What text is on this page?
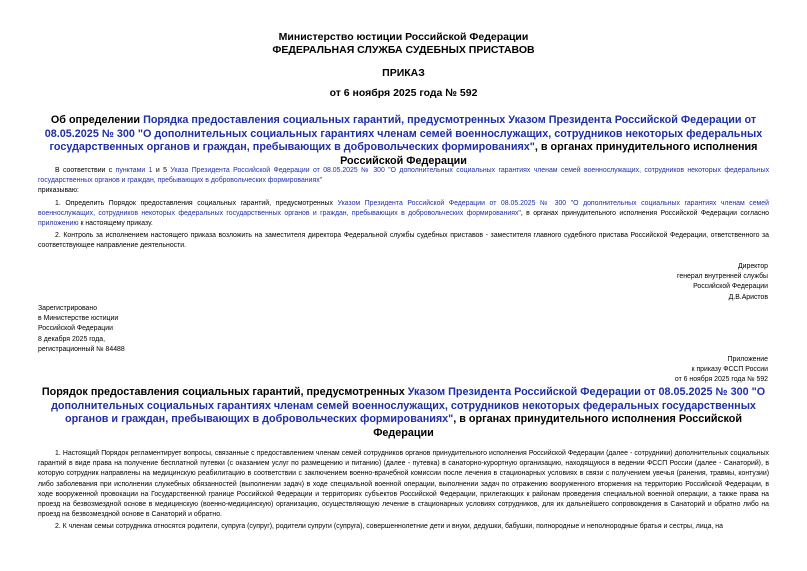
Министерство юстиции Российской Федерации
ФЕДЕРАЛЬНАЯ СЛУЖБА СУДЕБНЫХ ПРИСТАВОВ
ПРИКАЗ
от 6 ноября 2025 года № 592
Об определении Порядка предоставления социальных гарантий, предусмотренных Указом Президента Российской Федерации от 08.05.2025 № 300 "О дополнительных социальных гарантиях членам семей военнослужащих, сотрудников некоторых федеральных государственных органов и граждан, пребывающих в добровольческих формированиях", в органах принудительного исполнения Российской Федерации

В соответствии с пунктами 1 и 5 Указа Президента Российской Федерации от 08.05.2025 № 300 "О дополнительных социальных гарантиях членам семей военнослужащих, сотрудников некоторых федеральных государственных органов и граждан, пребывающих в добровольческих формированиях"

приказываю:

1. Определить Порядок предоставления социальных гарантий, предусмотренных Указом Президента Российской Федерации от 08.05.2025 № 300 "О дополнительных социальных гарантиях членам семей военнослужащих, сотрудников некоторых федеральных государственных органов и граждан, пребывающих в добровольческих формированиях", в органах принудительного исполнения Российской Федерации согласно приложению к настоящему приказу.

2. Контроль за исполнением настоящего приказа возложить на заместителя директора Федеральной службы судебных приставов - заместителя главного судебного пристава Российской Федерации, ответственного за соответствующее направление деятельности.

Директор
генерал внутренней службы
Российской Федерации
Д.В.Аристов
Зарегистрировано
в Министерстве юстиции
Российской Федерации
8 декабря 2025 года,
регистрационный № 84488
Приложение
к приказу ФССП России
от 6 ноября 2025 года № 592
Порядок предоставления социальных гарантий, предусмотренных Указом Президента Российской Федерации от 08.05.2025 № 300 "О дополнительных социальных гарантиях членам семей военнослужащих, сотрудников некоторых федеральных государственных органов и граждан, пребывающих в добровольческих формированиях", в органах принудительного исполнения Российской Федерации

1. Настоящий Порядок регламентирует вопросы, связанные с предоставлением членам семей сотрудников органов принудительного исполнения Российской Федерации (далее - сотрудники) дополнительных социальных гарантий в виде права на получение бесплатной путевки (с оказанием услуг по размещению и питанию) (далее - путевка) в санаторно-курортную организацию, находящуюся в ведении ФССП России (далее - Санаторий), в которую сотрудник направлены на медицинскую реабилитацию в соответствии с заключением военно-врачебной комиссии после лечения в стационарных условиях в связи с получением увечья (ранения, травмы, контузии) либо заболевания при исполнении служебных обязанностей (выполнении задач) в ходе специальной военной операции, выполнении задач по отражению вооруженного вторжения на территорию Российской Федерации, в ходе вооруженной провокации на Государственной границе Российской Федерации и территориях субъектов Российской Федерации, прилегающих к районам проведения специальной военной операции, а также права на проезд на безвозмездной основе в медицинскую (военно-медицинскую) организацию, осуществляющую лечение в стационарных условиях сотрудников, для их дальнейшего сопровождения в Санаторий и обратно либо на проезд на безвозмездной основе в Санаторий и обратно.

2. К членам семьи сотрудника относятся родители, супруга (супруг), родители супруги (супруга), совершеннолетние дети и внуки, дедушки, бабушки, полнородные и неполнородные братья и сестры, лица, на
